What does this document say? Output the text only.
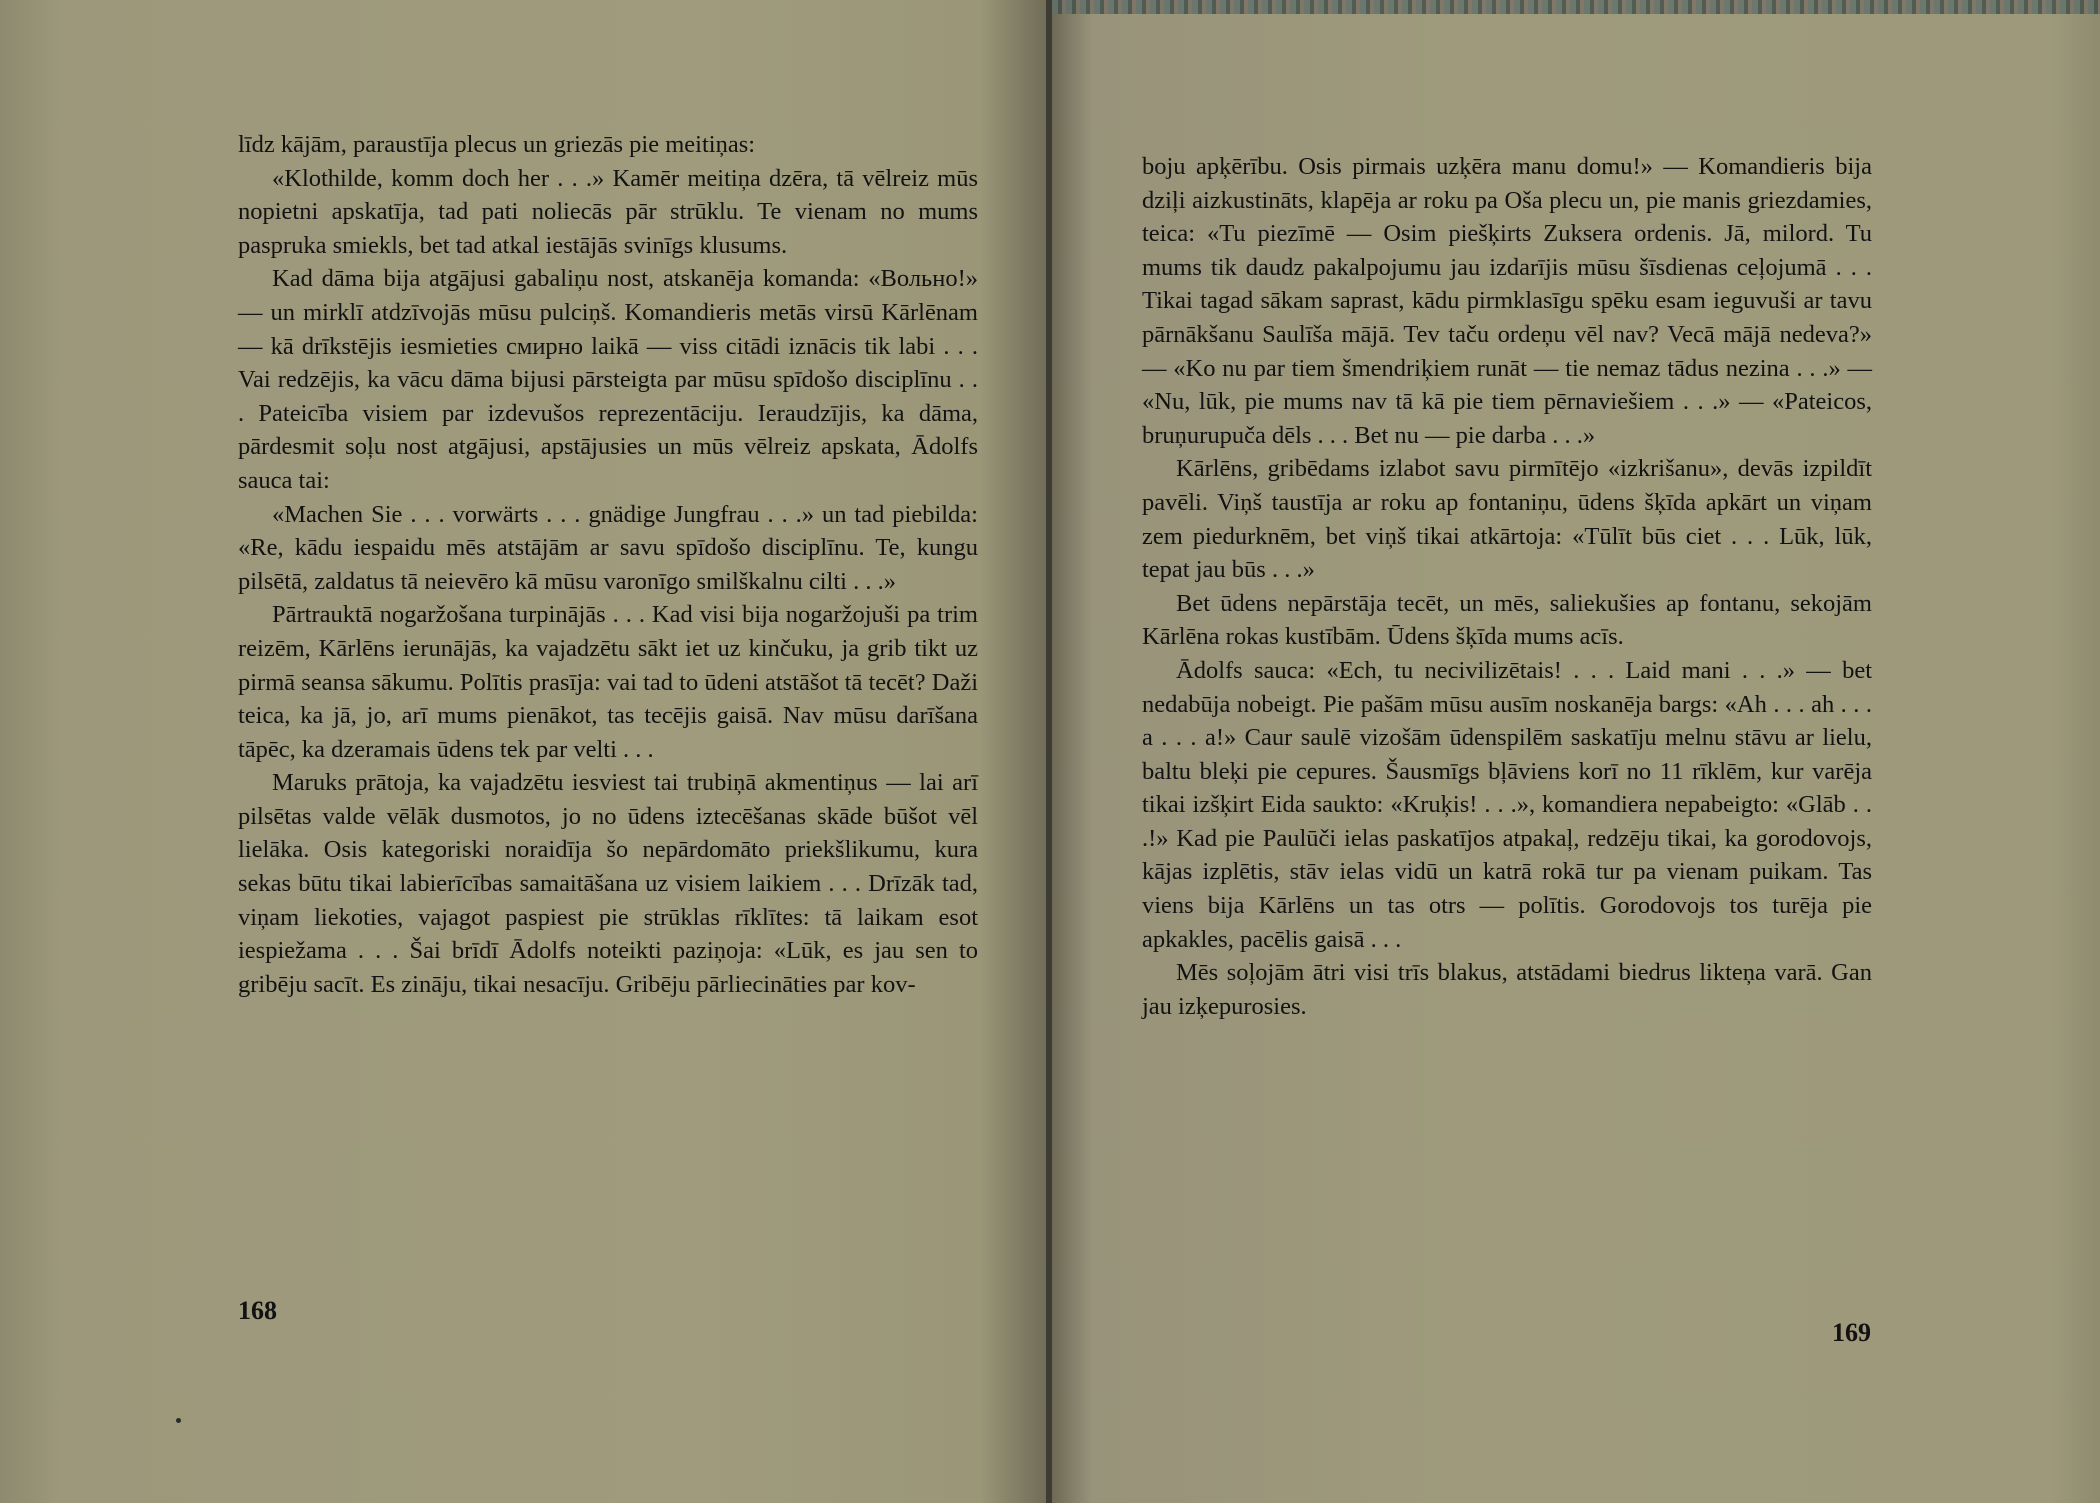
līdz kājām, paraustīja plecus un griezās pie meitiņas:

«Klothilde, komm doch her . . .» Kamēr meitiņa dzēra, tā vēlreiz mūs nopietni apskatīja, tad pati noliecās pār strūklu. Te vienam no mums paspruka smiekls, bet tad atkal iestājās svinīgs klusums.

Kad dāma bija atgājusi gabaliņu nost, atskanēja komanda: «Вольно!» — un mirklī atdzīvojās mūsu pulciņš. Komandieris metās virsū Kārlēnam — kā drīkstējis iesmieties смирно laikā — viss citādi iznācis tik labi . . . Vai redzējis, ka vācu dāma bijusi pārsteigta par mūsu spīdošo disciplīnu . . . Pateicība visiem par izdevušos reprezentāciju. Ieraudzījis, ka dāma, pārdesmit soļu nost atgājusi, apstājusies un mūs vēlreiz apskata, Ādolfs sauca tai:

«Machen Sie . . . vorwärts . . . gnädige Jungfrau . . .» un tad piebilda: «Re, kādu iespaidu mēs atstājām ar savu spīdošo disciplīnu. Te, kungu pilsētā, zaldatus tā neievēro kā mūsu varonīgo smilškalnu cilti . . .»

Pārtrauktā nogaržošana turpinājās . . . Kad visi bija nogaržojuši pa trim reizēm, Kārlēns ierunājās, ka vajadzētu sākt iet uz kinčuku, ja grib tikt uz pirmā seansa sākumu. Polītis prasīja: vai tad to ūdeni atstāšot tā tecēt? Daži teica, ka jā, jo, arī mums pienākot, tas tecējis gaisā. Nav mūsu darīšana tāpēc, ka dzeramais ūdens tek par velti . . .

Maruks prātoja, ka vajadzētu iesviest tai trubiņā akmentiņus — lai arī pilsētas valde vēlāk dusmotos, jo no ūdens iztecēšanas skāde būšot vēl lielāka. Osis kategoriski noraidīja šo nepārdomāto priekšlikumu, kura sekas būtu tikai labierīcības samaitāšana uz visiem laikiem . . . Drīzāk tad, viņam liekoties, vajagot paspiest pie strūklas rīklītes: tā laikam esot iespiežama . . . Šai brīdī Ādolfs noteikti paziņoja: «Lūk, es jau sen to gribēju sacīt. Es zināju, tikai nesacīju. Gribēju pārliecināties par kov-

168

boju apķērību. Osis pirmais uzķēra manu domu!» — Komandieris bija dziļi aizkustināts, klapēja ar roku pa Oša plecu un, pie manis griezdamies, teica: «Tu piezīmē — Osim piešķirts Zuksera ordenis. Jā, milord. Tu mums tik daudz pakalpojumu jau izdarījis mūsu šīsdienas ceļojumā . . . Tikai tagad sākam saprast, kādu pirmklasīgu spēku esam ieguvuši ar tavu pārnākšanu Saulīša mājā. Tev taču ordeņu vēl nav? Vecā mājā nedeva?» — «Ko nu par tiem šmendriķiem runāt — tie nemaz tādus nezina . . .» — «Nu, lūk, pie mums nav tā kā pie tiem pērnaviešiem . . .» — «Pateicos, bruņurupuča dēls . . . Bet nu — pie darba . . .»

Kārlēns, gribēdams izlabot savu pirmītējo «izkrišanu», devās izpildīt pavēli. Viņš taustīja ar roku ap fontaniņu, ūdens šķīda apkārt un viņam zem piedurknēm, bet viņš tikai atkārtoja: «Tūlīt būs ciet . . . Lūk, lūk, tepat jau būs . . .»

Bet ūdens nepārstāja tecēt, un mēs, saliekušies ap fontanu, sekojām Kārlēna rokas kustībām. Ūdens šķīda mums acīs.

Ādolfs sauca: «Ech, tu necivilizētais! . . . Laid mani . . .» — bet nedabūja nobeigt. Pie pašām mūsu ausīm noskanēja bargs: «Ah . . . ah . . . a . . . a!» Caur saulē vizošām ūdenspilēm saskatīju melnu stāvu ar lielu, baltu bleķi pie cepures. Šausmīgs bļāviens korī no 11 rīklēm, kur varēja tikai izšķirt Eida saukto: «Kruķis! . . .», komandiera nepabeigto: «Glāb . . .!» Kad pie Paulūči ielas paskatījos atpakaļ, redzēju tikai, ka gorodovojs, kājas izplētis, stāv ielas vidū un katrā rokā tur pa vienam puikam. Tas viens bija Kārlēns un tas otrs — polītis. Gorodovojs tos turēja pie apkakles, pacēlis gaisā . . .

Mēs soļojām ātri visi trīs blakus, atstādami biedrus likteņa varā. Gan jau izķepurosies.

169
